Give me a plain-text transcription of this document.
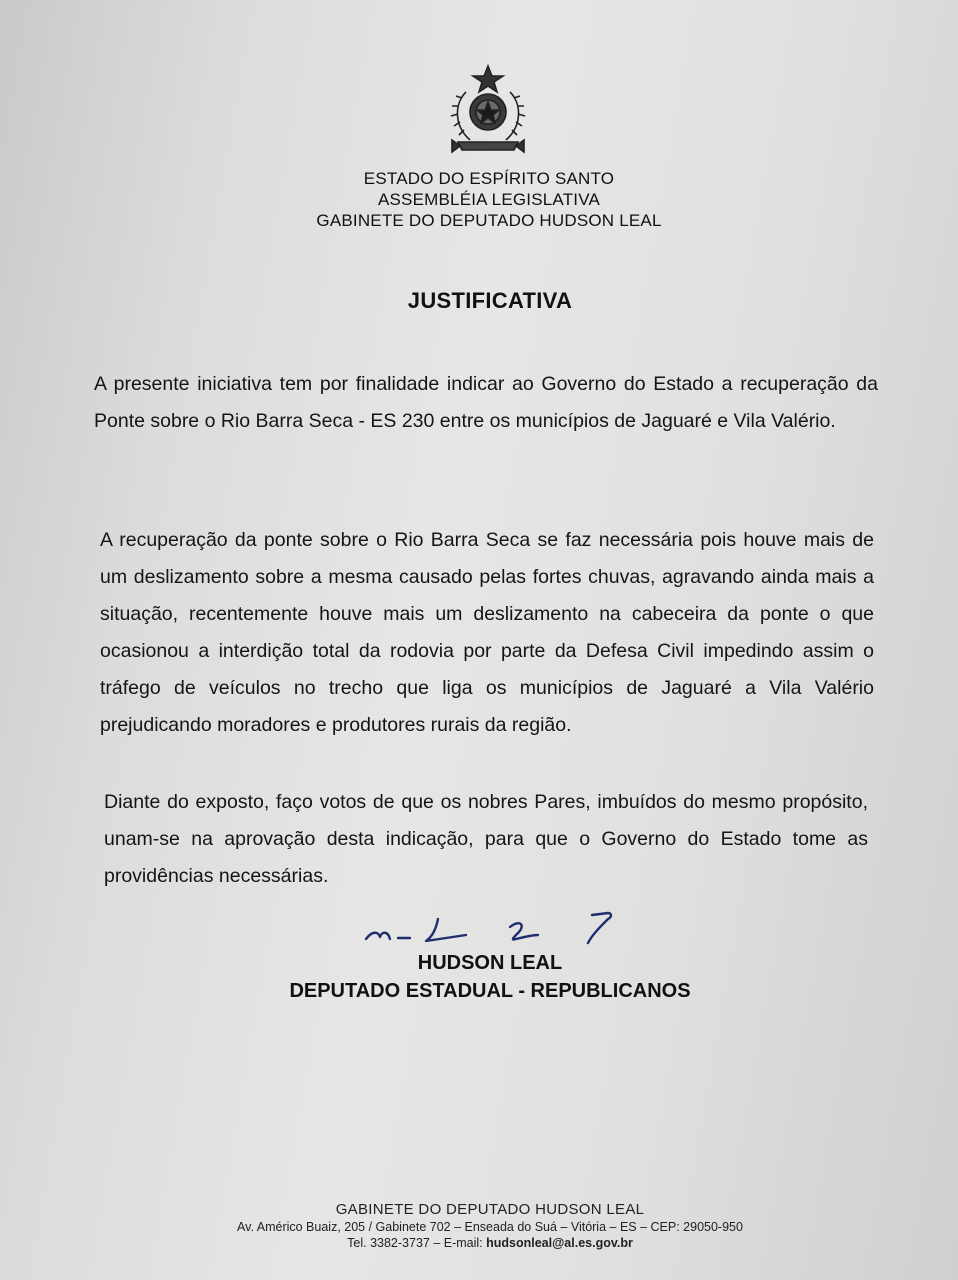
ESTADO DO ESPÍRITO SANTO
ASSEMBLÉIA LEGISLATIVA
GABINETE DO DEPUTADO HUDSON LEAL
JUSTIFICATIVA
A presente iniciativa tem por finalidade indicar ao Governo do Estado a recuperação da Ponte sobre o Rio Barra Seca - ES 230 entre os municípios de Jaguaré e Vila Valério.
A recuperação da ponte sobre o Rio Barra Seca se faz necessária pois houve mais de um deslizamento sobre a mesma causado pelas fortes chuvas, agravando ainda mais a situação, recentemente houve mais um deslizamento na cabeceira da ponte o que ocasionou a interdição total da rodovia por parte da Defesa Civil impedindo assim o tráfego de veículos no trecho que liga os municípios de Jaguaré a Vila Valério prejudicando moradores e produtores rurais da região.
Diante do exposto, faço votos de que os nobres Pares, imbuídos do mesmo propósito, unam-se na aprovação desta indicação, para que o Governo do Estado tome as providências necessárias.
HUDSON LEAL
DEPUTADO ESTADUAL - REPUBLICANOS
GABINETE DO DEPUTADO HUDSON LEAL
Av. Américo Buaiz, 205 / Gabinete 702 – Enseada do Suá – Vitória – ES – CEP: 29050-950
Tel. 3382-3737 – E-mail: hudsonleal@al.es.gov.br
